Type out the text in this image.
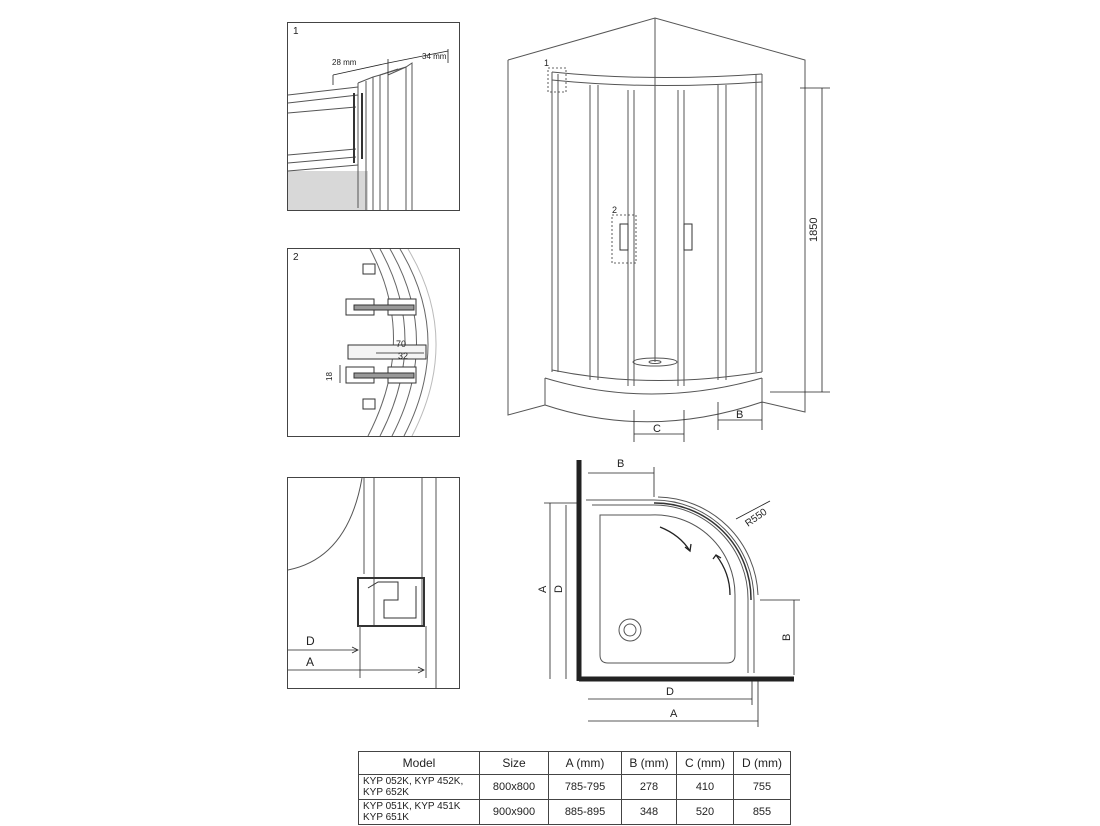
1
28 mm
34 mm
2
70
32
18
D
A
1
2
1850
B
C
B
A D
D
A
B
R550
Model	Size	A (mm)	B (mm)	C (mm)	D (mm)
KYP 052K, KYP 452K,
KYP 652K	800x800	785-795	278	410	755
KYP 051K, KYP 451K
KYP 651K	900x900	885-895	348	520	855
